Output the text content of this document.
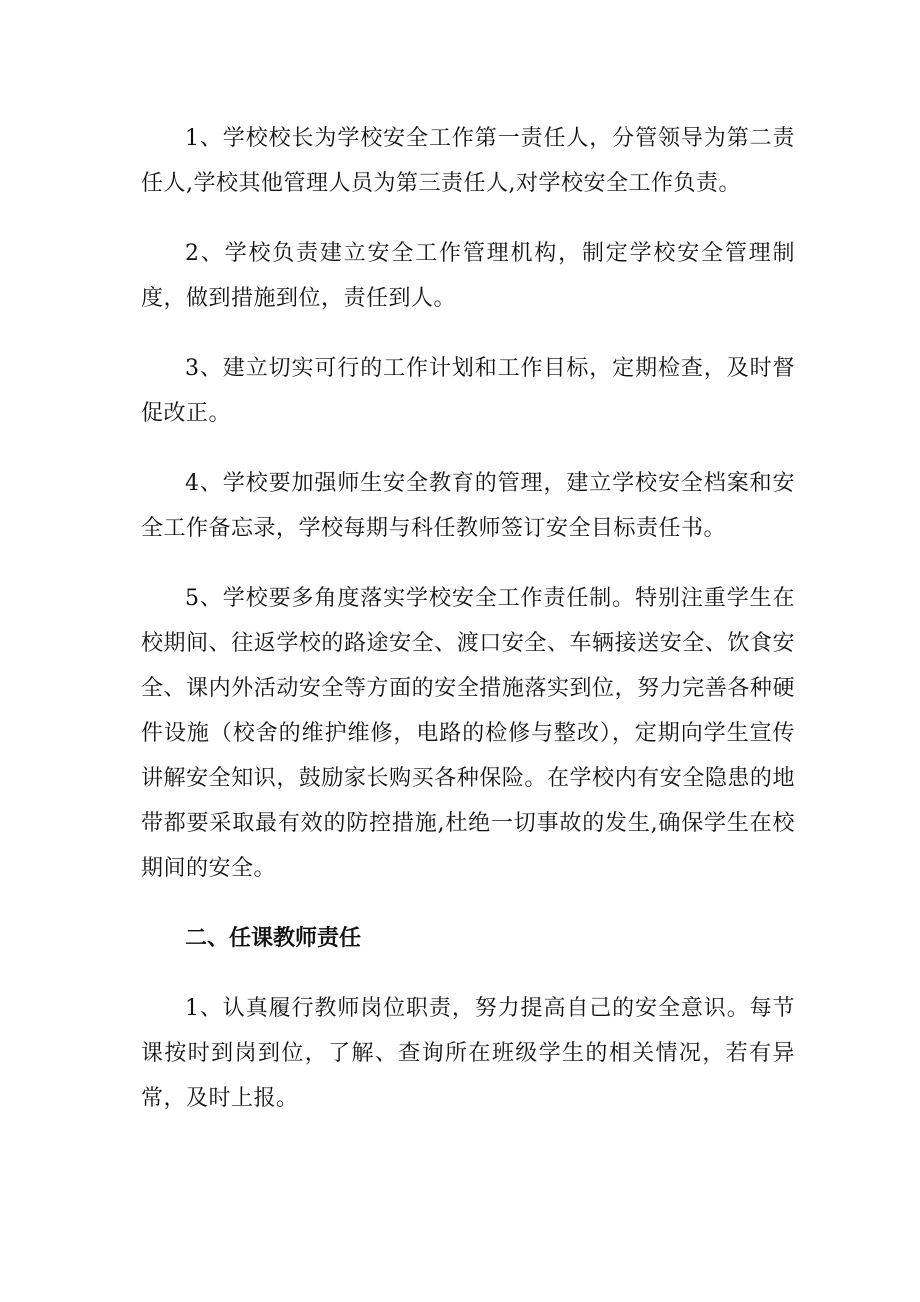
1、学校校长为学校安全工作第一责任人，分管领导为第二责任人,学校其他管理人员为第三责任人,对学校安全工作负责。

2、学校负责建立安全工作管理机构，制定学校安全管理制度，做到措施到位，责任到人。

3、建立切实可行的工作计划和工作目标，定期检查，及时督促改正。

4、学校要加强师生安全教育的管理，建立学校安全档案和安全工作备忘录，学校每期与科任教师签订安全目标责任书。

5、学校要多角度落实学校安全工作责任制。特别注重学生在校期间、往返学校的路途安全、渡口安全、车辆接送安全、饮食安全、课内外活动安全等方面的安全措施落实到位，努力完善各种硬件设施（校舍的维护维修，电路的检修与整改），定期向学生宣传讲解安全知识，鼓励家长购买各种保险。在学校内有安全隐患的地带都要采取最有效的防控措施,杜绝一切事故的发生,确保学生在校期间的安全。

二、任课教师责任

1、认真履行教师岗位职责，努力提高自己的安全意识。每节课按时到岗到位，了解、查询所在班级学生的相关情况，若有异常，及时上报。
